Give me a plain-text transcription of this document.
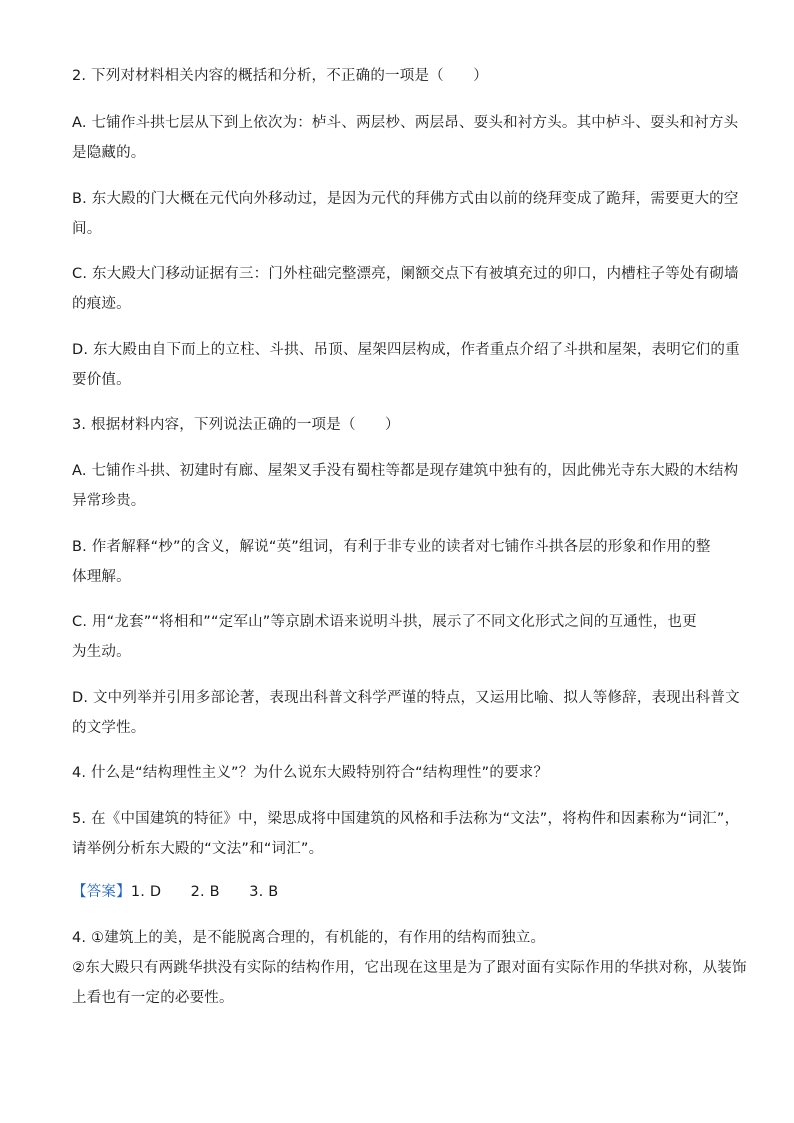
2. 下列对材料相关内容的概括和分析，不正确的一项是（　　）
A. 七铺作斗拱七层从下到上依次为：栌斗、两层杪、两层昂、耍头和衬方头。其中栌斗、耍头和衬方头
是隐藏的。
B. 东大殿的门大概在元代向外移动过，是因为元代的拜佛方式由以前的绕拜变成了跪拜，需要更大的空
间。
C. 东大殿大门移动证据有三：门外柱础完整漂亮，阑额交点下有被填充过的卯口，内槽柱子等处有砌墙
的痕迹。
D. 东大殿由自下而上的立柱、斗拱、吊顶、屋架四层构成，作者重点介绍了斗拱和屋架，表明它们的重
要价值。
3. 根据材料内容，下列说法正确的一项是（　　）
A. 七铺作斗拱、初建时有廊、屋架叉手没有蜀柱等都是现存建筑中独有的，因此佛光寺东大殿的木结构
异常珍贵。
B. 作者解释“杪”的含义，解说“英”组词，有利于非专业的读者对七铺作斗拱各层的形象和作用的整
体理解。
C. 用“龙套”“将相和”“定军山”等京剧术语来说明斗拱，展示了不同文化形式之间的互通性，也更
为生动。
D. 文中列举并引用多部论著，表现出科普文科学严谨的特点，又运用比喻、拟人等修辞，表现出科普文
的文学性。
4. 什么是“结构理性主义”？为什么说东大殿特别符合“结构理性”的要求？
5. 在《中国建筑的特征》中，梁思成将中国建筑的风格和手法称为“文法”，将构件和因素称为“词汇”，
请举例分析东大殿的“文法”和“词汇”。
【答案】1. D　　2. B　　3. B
4. ①建筑上的美，是不能脱离合理的，有机能的，有作用的结构而独立。
②东大殿只有两跳华拱没有实际的结构作用，它出现在这里是为了跟对面有实际作用的华拱对称，从装饰
上看也有一定的必要性。
